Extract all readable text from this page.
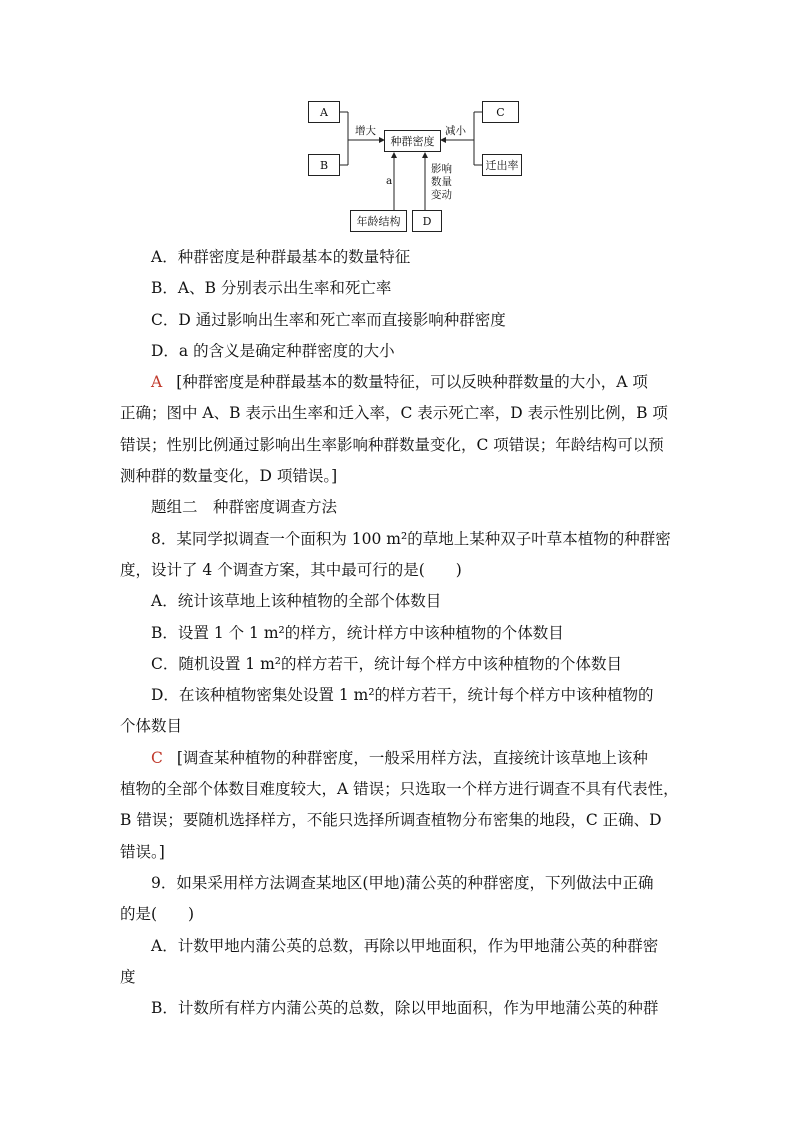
A
B
种群密度
C
迁出率
年龄结构	D
增大	减小
a
影响
数量
变动

A．种群密度是种群最基本的数量特征

B．A、B 分别表示出生率和死亡率

C．D 通过影响出生率和死亡率而直接影响种群密度

D．a 的含义是确定种群密度的大小

A [种群密度是种群最基本的数量特征，可以反映种群数量的大小，A 项

正确；图中 A、B 表示出生率和迁入率，C 表示死亡率，D 表示性别比例，B 项

错误；性别比例通过影响出生率影响种群数量变化，C 项错误；年龄结构可以预

测种群的数量变化，D 项错误。]

题组二　种群密度调查方法

8．某同学拟调查一个面积为 100 m²的草地上某种双子叶草本植物的种群密

度，设计了 4 个调查方案，其中最可行的是(　　)

A．统计该草地上该种植物的全部个体数目

B．设置 1 个 1 m²的样方，统计样方中该种植物的个体数目

C．随机设置 1 m²的样方若干，统计每个样方中该种植物的个体数目

D．在该种植物密集处设置 1 m²的样方若干，统计每个样方中该种植物的

个体数目

C [调查某种植物的种群密度，一般采用样方法，直接统计该草地上该种

植物的全部个体数目难度较大，A 错误；只选取一个样方进行调查不具有代表性，

B 错误；要随机选择样方，不能只选择所调查植物分布密集的地段，C 正确、D

错误。]

9．如果采用样方法调查某地区(甲地)蒲公英的种群密度，下列做法中正确

的是(　　)

A．计数甲地内蒲公英的总数，再除以甲地面积，作为甲地蒲公英的种群密

度

B．计数所有样方内蒲公英的总数，除以甲地面积，作为甲地蒲公英的种群
